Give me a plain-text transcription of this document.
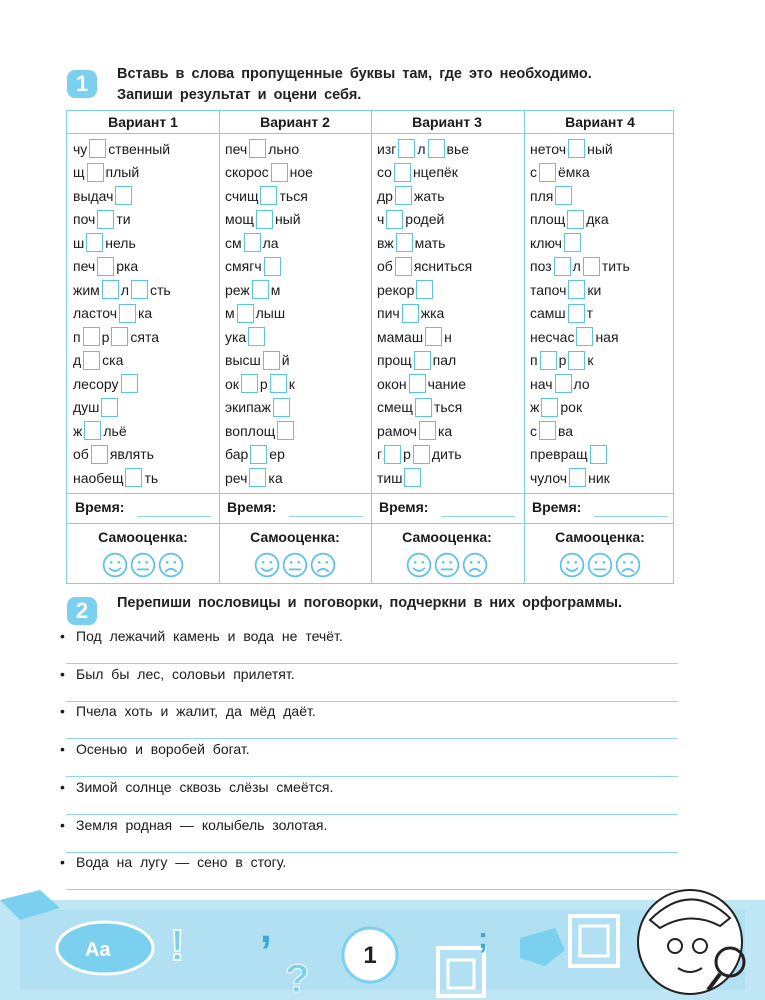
1	Вставь в слова пропущенные буквы там, где это необходимо.
Запиши результат и оцени себя.
Вариант 1
чу ственный
щ плый
выдач
поч ти
ш нель
печ рка
жим л сть
ласточ ка
п р сята
д ска
лесору
душ
ж льё
об являть
наобещ ть
Время:
Самооценка:
Вариант 2
печ льно
скорос ное
счищ ться
мощ ный
см ла
смягч
реж м
м лыш
ука
высш й
ок р к
экипаж
воплощ
бар ер
реч ка
Время:
Самооценка:
Вариант 3
изг л вье
со нцепёк
др жать
ч родей
вж мать
об ясниться
рекор
пич жка
мамаш н
прощ пал
окон чание
смещ ться
рамоч ка
г р дить
тиш
Время:
Самооценка:
Вариант 4
неточ ный
с ёмка
пля
площ дка
ключ
поз л тить
тапоч ки
самш т
несчас ная
п р к
нач ло
ж рок
с ва
превращ
чулоч ник
Время:
Самооценка:
2	Перепиши пословицы и поговорки, подчеркни в них орфограммы.
• Под лежачий камень и вода не течёт.
• Был бы лес, соловьи прилетят.
• Пчела хоть и жалит, да мёд даёт.
• Осенью и воробей богат.
• Зимой солнце сквозь слёзы смеётся.
• Земля родная — колыбель золотая.
• Вода на лугу — сено в стогу.
Aa ! ,
?
1
;
